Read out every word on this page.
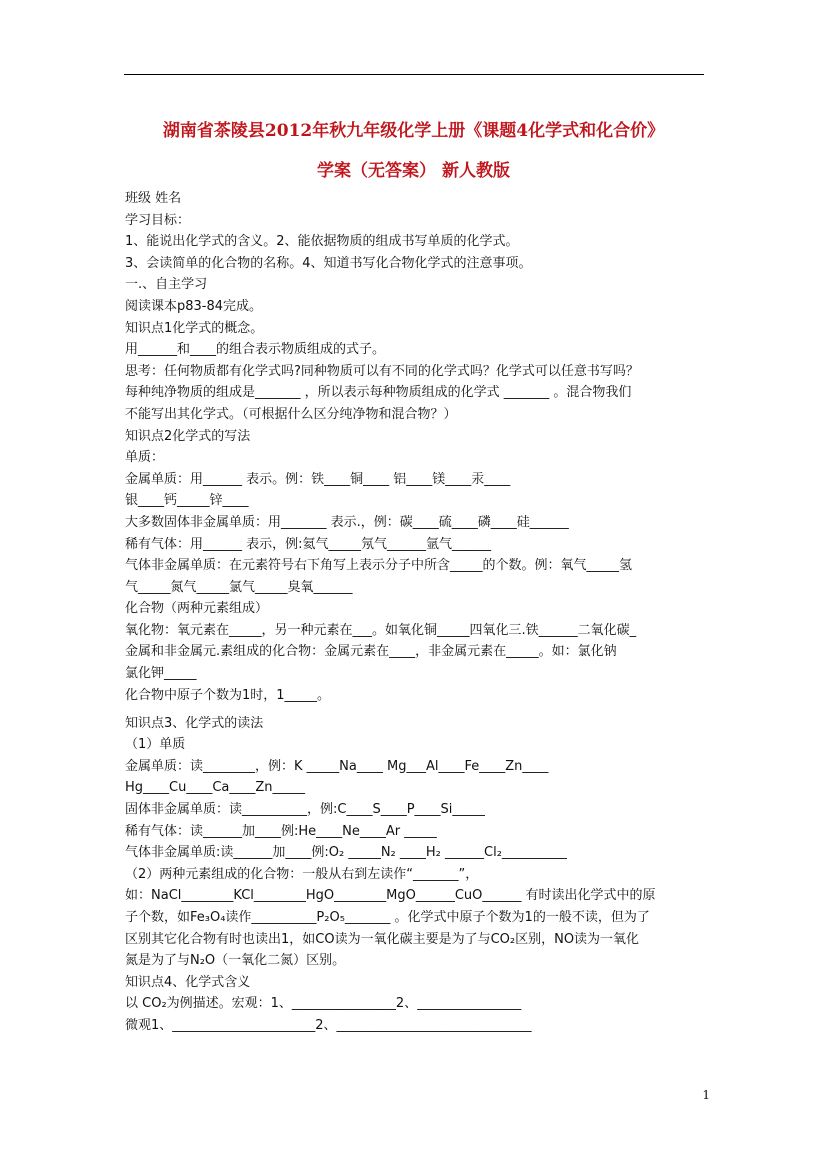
湖南省茶陵县2012年秋九年级化学上册《课题4化学式和化合价》
学案（无答案） 新人教版
班级 姓名
学习目标：
1、能说出化学式的含义。2、能依据物质的组成书写单质的化学式。
3、会读简单的化合物的名称。4、知道书写化合物化学式的注意事项。
一.、自主学习
阅读课本p83-84完成。
知识点1化学式的概念。
用______和____的组合表示物质组成的式子。
思考：任何物质都有化学式吗?同种物质可以有不同的化学式吗？化学式可以任意书写吗？
每种纯净物质的组成是_______ ，所以表示每种物质组成的化学式 _______ 。混合物我们
不能写出其化学式。（可根据什么区分纯净物和混合物？）
知识点2化学式的写法
单质：
金属单质：用______ 表示。例：铁____铜____ 铝____镁____汞____
银____钙_____锌____
大多数固体非金属单质：用_______ 表示.，例：碳____硫____磷____硅______
稀有气体：用______ 表示，例:氦气_____氖气______氩气______
气体非金属单质：在元素符号右下角写上表示分子中所含_____的个数。例：氧气_____氢
气_____氮气_____氯气_____臭氧______
化合物（两种元素组成）
氧化物：氧元素在_____，另一种元素在___。如氧化铜_____四氧化三.铁______二氧化碳_
金属和非金属元.素组成的化合物：金属元素在____，非金属元素在_____。如：氯化钠
氯化钾_____
化合物中原子个数为1时，1_____。
知识点3、化学式的读法
（1）单质
金属单质：读________，例：K _____Na____ Mg___Al____Fe____Zn____
Hg____Cu____Ca____Zn_____
固体非金属单质：读__________，例:C____S____P____Si_____
稀有气体：读______加____例:He____Ne____Ar _____
气体非金属单质:读______加____例:O₂ _____N₂ ____H₂ ______Cl₂__________
（2）两种元素组成的化合物：一般从右到左读作“_______”，
如：NaCl________KCl________HgO________MgO______CuO______ 有时读出化学式中的原
子个数，如Fe₃O₄读作__________P₂O₅_______ 。化学式中原子个数为1的一般不读，但为了
区别其它化合物有时也读出1，如CO读为一氧化碳主要是为了与CO₂区别，NO读为一氧化
氮是为了与N₂O（一氧化二氮）区别。
知识点4、化学式含义
以 CO₂为例描述。宏观：1、________________2、________________
微观1、______________________2、______________________________
1
